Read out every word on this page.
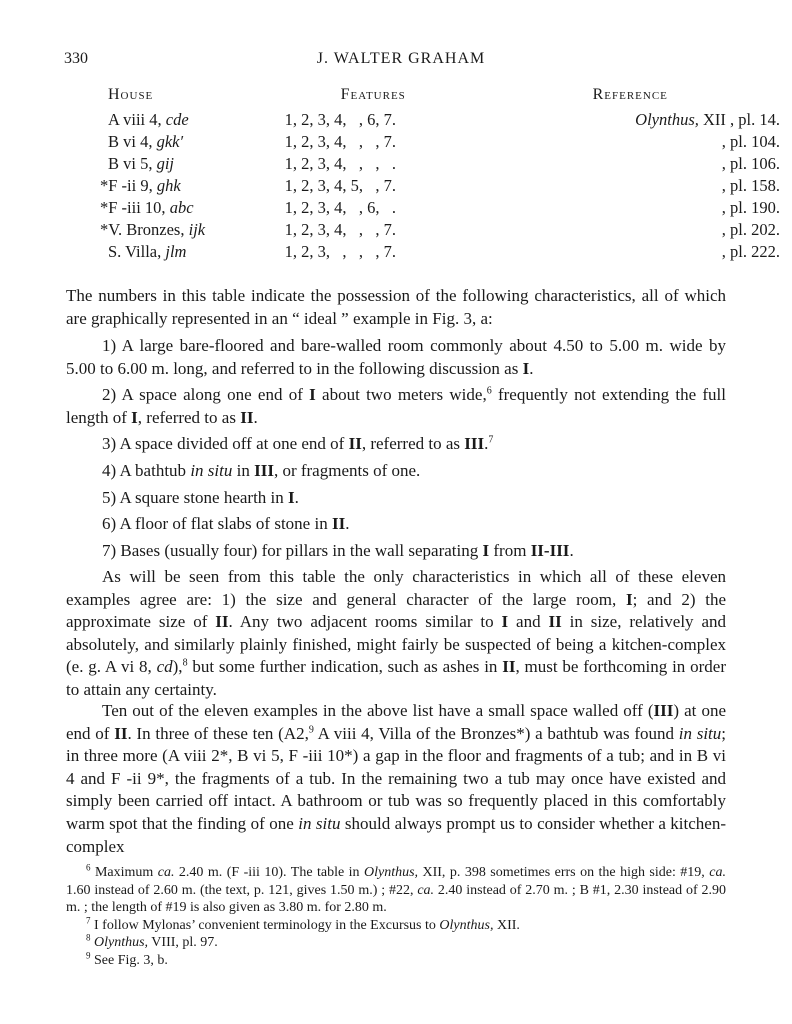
330	J. WALTER GRAHAM
House	Features	Reference
A viii 4, cde	1, 2, 3, 4,   , 6, 7.	Olynthus, XII , pl. 14.
B vi 4, gkk′	1, 2, 3, 4,   ,   , 7.	, pl. 104.
B vi 5, gij	1, 2, 3, 4,   ,   ,   .	, pl. 106.
*F -ii 9, ghk	1, 2, 3, 4, 5,   , 7.	, pl. 158.
*F -iii 10, abc	1, 2, 3, 4,   , 6,   .	, pl. 190.
*V. Bronzes, ijk	1, 2, 3, 4,   ,   , 7.	, pl. 202.
S. Villa, jlm	1, 2, 3,   ,   ,   , 7.	, pl. 222.

The numbers in this table indicate the possession of the following characteristics, all of which are graphically represented in an “ ideal ” example in Fig. 3, a:

1) A large bare-floored and bare-walled room commonly about 4.50 to 5.00 m. wide by 5.00 to 6.00 m. long, and referred to in the following discussion as I.

2) A space along one end of I about two meters wide,$^6$ frequently not extending the full length of I, referred to as II.

3) A space divided off at one end of II, referred to as III.$^7$

4) A bathtub in situ in III, or fragments of one.

5) A square stone hearth in I.

6) A floor of flat slabs of stone in II.

7) Bases (usually four) for pillars in the wall separating I from II-III.

As will be seen from this table the only characteristics in which all of these eleven examples agree are: 1) the size and general character of the large room, I; and 2) the approximate size of II. Any two adjacent rooms similar to I and II in size, relatively and absolutely, and similarly plainly finished, might fairly be suspected of being a kitchen-complex (e. g. A vi 8, cd),$^8$ but some further indication, such as ashes in II, must be forthcoming in order to attain any certainty.

Ten out of the eleven examples in the above list have a small space walled off (III) at one end of II. In three of these ten (A2,$^9$ A viii 4, Villa of the Bronzes*) a bathtub was found in situ; in three more (A viii 2*, B vi 5, F -iii 10*) a gap in the floor and fragments of a tub; and in B vi 4 and F -ii 9*, the fragments of a tub. In the remaining two a tub may once have existed and simply been carried off intact. A bathroom or tub was so frequently placed in this comfortably warm spot that the finding of one in situ should always prompt us to consider whether a kitchen-complex

$^6$ Maximum ca. 2.40 m. (F -iii 10). The table in Olynthus, XII, p. 398 sometimes errs on the high side: #19, ca. 1.60 instead of 2.60 m. (the text, p. 121, gives 1.50 m.) ; #22, ca. 2.40 instead of 2.70 m. ; B #1, 2.30 instead of 2.90 m. ; the length of #19 is also given as 3.80 m. for 2.80 m.

$^7$ I follow Mylonas’ convenient terminology in the Excursus to Olynthus, XII.

$^8$ Olynthus, VIII, pl. 97.

$^9$ See Fig. 3, b.
